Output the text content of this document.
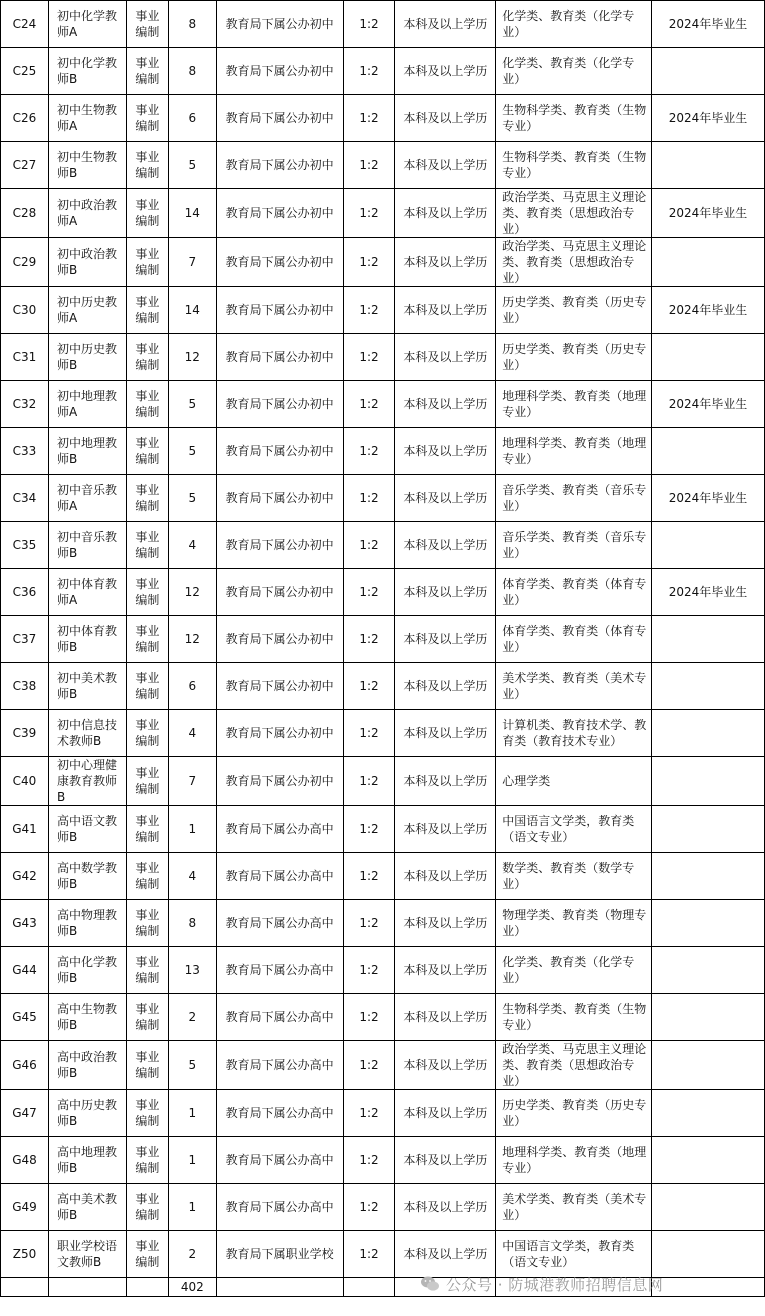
C24	初中化学教师A	事业编制	8	教育局下属公办初中	1:2	本科及以上学历	化学类、教育类（化学专业）	2024年毕业生
C25	初中化学教师B	事业编制	8	教育局下属公办初中	1:2	本科及以上学历	化学类、教育类（化学专业）	
C26	初中生物教师A	事业编制	6	教育局下属公办初中	1:2	本科及以上学历	生物科学类、教育类（生物专业）	2024年毕业生
C27	初中生物教师B	事业编制	5	教育局下属公办初中	1:2	本科及以上学历	生物科学类、教育类（生物专业）	
C28	初中政治教师A	事业编制	14	教育局下属公办初中	1:2	本科及以上学历	政治学类、马克思主义理论类、教育类（思想政治专业）	2024年毕业生
C29	初中政治教师B	事业编制	7	教育局下属公办初中	1:2	本科及以上学历	政治学类、马克思主义理论类、教育类（思想政治专业）	
C30	初中历史教师A	事业编制	14	教育局下属公办初中	1:2	本科及以上学历	历史学类、教育类（历史专业）	2024年毕业生
C31	初中历史教师B	事业编制	12	教育局下属公办初中	1:2	本科及以上学历	历史学类、教育类（历史专业）	
C32	初中地理教师A	事业编制	5	教育局下属公办初中	1:2	本科及以上学历	地理科学类、教育类（地理专业）	2024年毕业生
C33	初中地理教师B	事业编制	5	教育局下属公办初中	1:2	本科及以上学历	地理科学类、教育类（地理专业）	
C34	初中音乐教师A	事业编制	5	教育局下属公办初中	1:2	本科及以上学历	音乐学类、教育类（音乐专业）	2024年毕业生
C35	初中音乐教师B	事业编制	4	教育局下属公办初中	1:2	本科及以上学历	音乐学类、教育类（音乐专业）	
C36	初中体育教师A	事业编制	12	教育局下属公办初中	1:2	本科及以上学历	体育学类、教育类（体育专业）	2024年毕业生
C37	初中体育教师B	事业编制	12	教育局下属公办初中	1:2	本科及以上学历	体育学类、教育类（体育专业）	
C38	初中美术教师B	事业编制	6	教育局下属公办初中	1:2	本科及以上学历	美术学类、教育类（美术专业）	
C39	初中信息技术教师B	事业编制	4	教育局下属公办初中	1:2	本科及以上学历	计算机类、教育技术学、教育类（教育技术专业）	
C40	初中心理健康教育教师B	事业编制	7	教育局下属公办初中	1:2	本科及以上学历	心理学类	
G41	高中语文教师B	事业编制	1	教育局下属公办高中	1:2	本科及以上学历	中国语言文学类，教育类（语文专业）	
G42	高中数学教师B	事业编制	4	教育局下属公办高中	1:2	本科及以上学历	数学类、教育类（数学专业）	
G43	高中物理教师B	事业编制	8	教育局下属公办高中	1:2	本科及以上学历	物理学类、教育类（物理专业）	
G44	高中化学教师B	事业编制	13	教育局下属公办高中	1:2	本科及以上学历	化学类、教育类（化学专业）	
G45	高中生物教师B	事业编制	2	教育局下属公办高中	1:2	本科及以上学历	生物科学类、教育类（生物专业）	
G46	高中政治教师B	事业编制	5	教育局下属公办高中	1:2	本科及以上学历	政治学类、马克思主义理论类、教育类（思想政治专业）	
G47	高中历史教师B	事业编制	1	教育局下属公办高中	1:2	本科及以上学历	历史学类、教育类（历史专业）	
G48	高中地理教师B	事业编制	1	教育局下属公办高中	1:2	本科及以上学历	地理科学类、教育类（地理专业）	
G49	高中美术教师B	事业编制	1	教育局下属公办高中	1:2	本科及以上学历	美术学类、教育类（美术专业）	
Z50	职业学校语文教师B	事业编制	2	教育局下属职业学校	1:2	本科及以上学历	中国语言文学类，教育类（语文专业）	
			402						公众号 · 防城港教师招聘信息网
